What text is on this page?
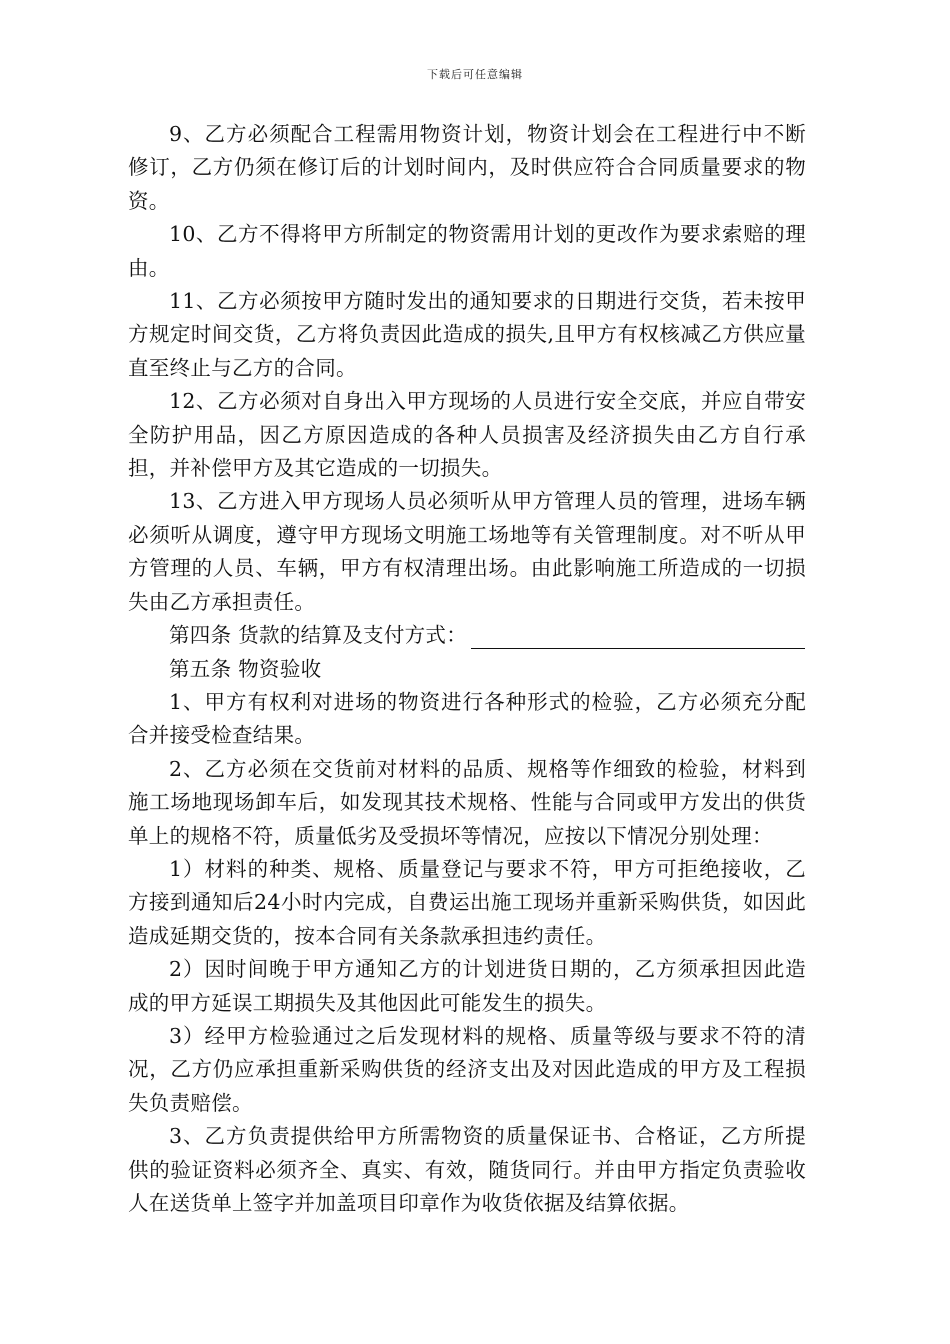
下载后可任意编辑

9、乙方必须配合工程需用物资计划，物资计划会在工程进行中不断修订，乙方仍须在修订后的计划时间内，及时供应符合合同质量要求的物资。

10、乙方不得将甲方所制定的物资需用计划的更改作为要求索赔的理由。

11、乙方必须按甲方随时发出的通知要求的日期进行交货，若未按甲方规定时间交货，乙方将负责因此造成的损失,且甲方有权核减乙方供应量直至终止与乙方的合同。

12、乙方必须对自身出入甲方现场的人员进行安全交底，并应自带安全防护用品，因乙方原因造成的各种人员损害及经济损失由乙方自行承担，并补偿甲方及其它造成的一切损失。

13、乙方进入甲方现场人员必须听从甲方管理人员的管理，进场车辆必须听从调度，遵守甲方现场文明施工场地等有关管理制度。对不听从甲方管理的人员、车辆，甲方有权清理出场。由此影响施工所造成的一切损失由乙方承担责任。

第四条 货款的结算及支付方式：

第五条 物资验收

1、甲方有权利对进场的物资进行各种形式的检验，乙方必须充分配合并接受检查结果。

2、乙方必须在交货前对材料的品质、规格等作细致的检验，材料到施工场地现场卸车后，如发现其技术规格、性能与合同或甲方发出的供货单上的规格不符，质量低劣及受损坏等情况，应按以下情况分别处理：

1）材料的种类、规格、质量登记与要求不符，甲方可拒绝接收，乙方接到通知后24小时内完成，自费运出施工现场并重新采购供货，如因此造成延期交货的，按本合同有关条款承担违约责任。

2）因时间晚于甲方通知乙方的计划进货日期的，乙方须承担因此造成的甲方延误工期损失及其他因此可能发生的损失。

3）经甲方检验通过之后发现材料的规格、质量等级与要求不符的清况，乙方仍应承担重新采购供货的经济支出及对因此造成的甲方及工程损失负责赔偿。

3、乙方负责提供给甲方所需物资的质量保证书、合格证，乙方所提供的验证资料必须齐全、真实、有效，随货同行。并由甲方指定负责验收人在送货单上签字并加盖项目印章作为收货依据及结算依据。
